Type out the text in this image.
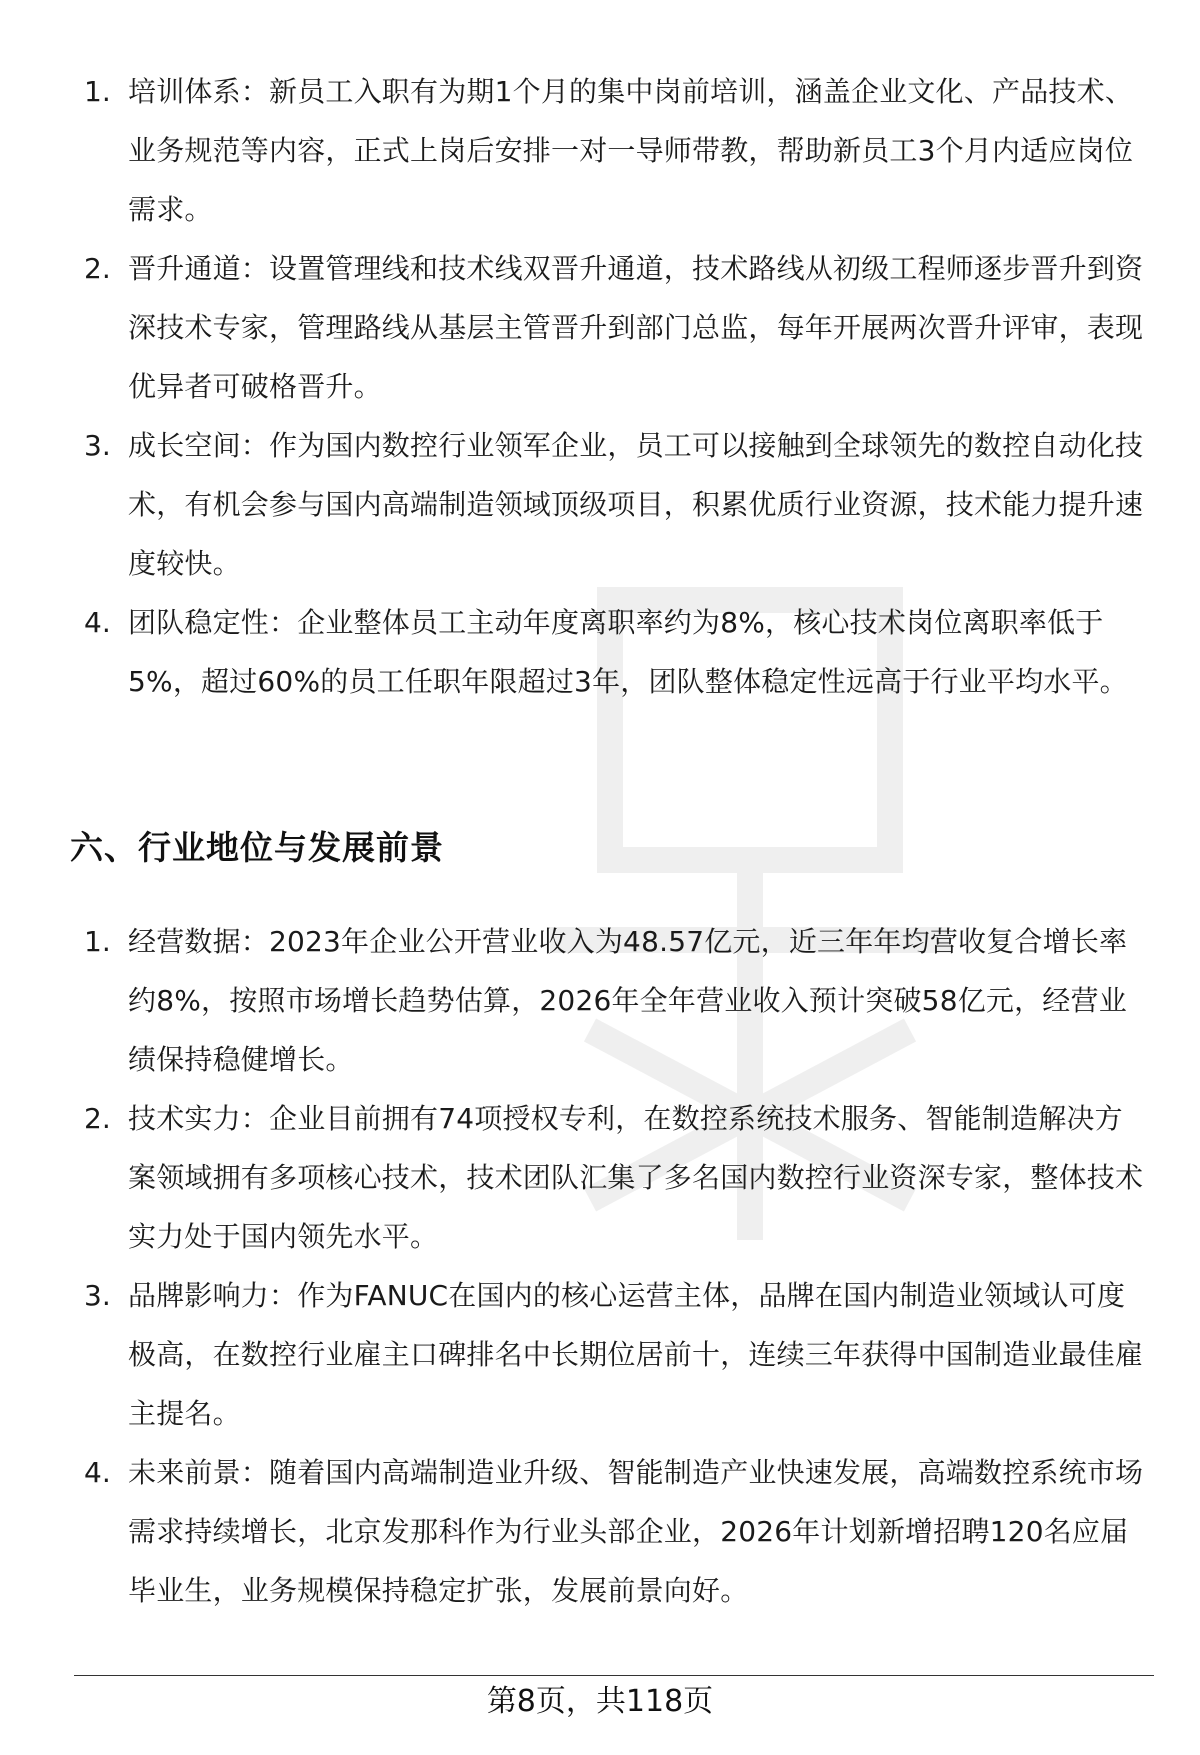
1. 培训体系：新员工入职有为期1个月的集中岗前培训，涵盖企业文化、产品技术、业务规范等内容，正式上岗后安排一对一导师带教，帮助新员工3个月内适应岗位需求。
2. 晋升通道：设置管理线和技术线双晋升通道，技术路线从初级工程师逐步晋升到资深技术专家，管理路线从基层主管晋升到部门总监，每年开展两次晋升评审，表现优异者可破格晋升。
3. 成长空间：作为国内数控行业领军企业，员工可以接触到全球领先的数控自动化技术，有机会参与国内高端制造领域顶级项目，积累优质行业资源，技术能力提升速度较快。
4. 团队稳定性：企业整体员工主动年度离职率约为8%，核心技术岗位离职率低于5%，超过60%的员工任职年限超过3年，团队整体稳定性远高于行业平均水平。
六、行业地位与发展前景
1. 经营数据：2023年企业公开营业收入为48.57亿元，近三年年均营收复合增长率约8%，按照市场增长趋势估算，2026年全年营业收入预计突破58亿元，经营业绩保持稳健增长。
2. 技术实力：企业目前拥有74项授权专利，在数控系统技术服务、智能制造解决方案领域拥有多项核心技术，技术团队汇集了多名国内数控行业资深专家，整体技术实力处于国内领先水平。
3. 品牌影响力：作为FANUC在国内的核心运营主体，品牌在国内制造业领域认可度极高，在数控行业雇主口碑排名中长期位居前十，连续三年获得中国制造业最佳雇主提名。
4. 未来前景：随着国内高端制造业升级、智能制造产业快速发展，高端数控系统市场需求持续增长，北京发那科作为行业头部企业，2026年计划新增招聘120名应届毕业生，业务规模保持稳定扩张，发展前景向好。
第8页，共118页
